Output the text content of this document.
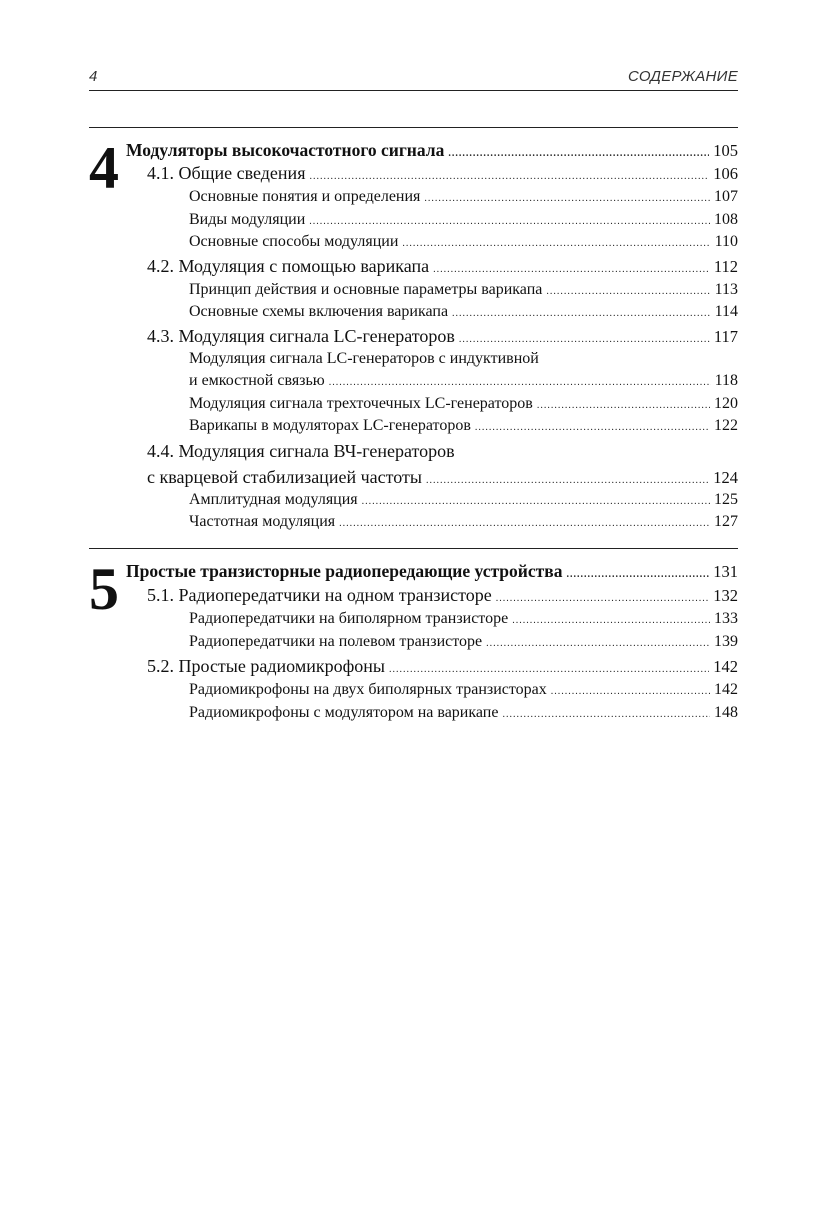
4	СОДЕРЖАНИЕ
4 Модуляторы высокочастотного сигнала .....	105
4.1. Общие сведения .....	106
Основные понятия и определения .....	107
Виды модуляции .....	108
Основные способы модуляции .....	110
4.2. Модуляция с помощью варикапа .....	112
Принцип действия и основные параметры варикапа .....	113
Основные схемы включения варикапа .....	114
4.3. Модуляция сигнала LC-генераторов .....	117
Модуляция сигнала LC-генераторов с индуктивной
и емкостной связью .....	118
Модуляция сигнала трехточечных LC-генераторов .....	120
Варикапы в модуляторах LC-генераторов .....	122
4.4. Модуляция сигнала ВЧ-генераторов
с кварцевой стабилизацией частоты .....	124
Амплитудная модуляция .....	125
Частотная модуляция .....	127
5 Простые транзисторные радиопередающие устройства .....	131
5.1. Радиопередатчики на одном транзисторе .....	132
Радиопередатчики на биполярном транзисторе .....	133
Радиопередатчики на полевом транзисторе .....	139
5.2. Простые радиомикрофоны .....	142
Радиомикрофоны на двух биполярных транзисторах .....	142
Радиомикрофоны с модулятором на варикапе .....	148
